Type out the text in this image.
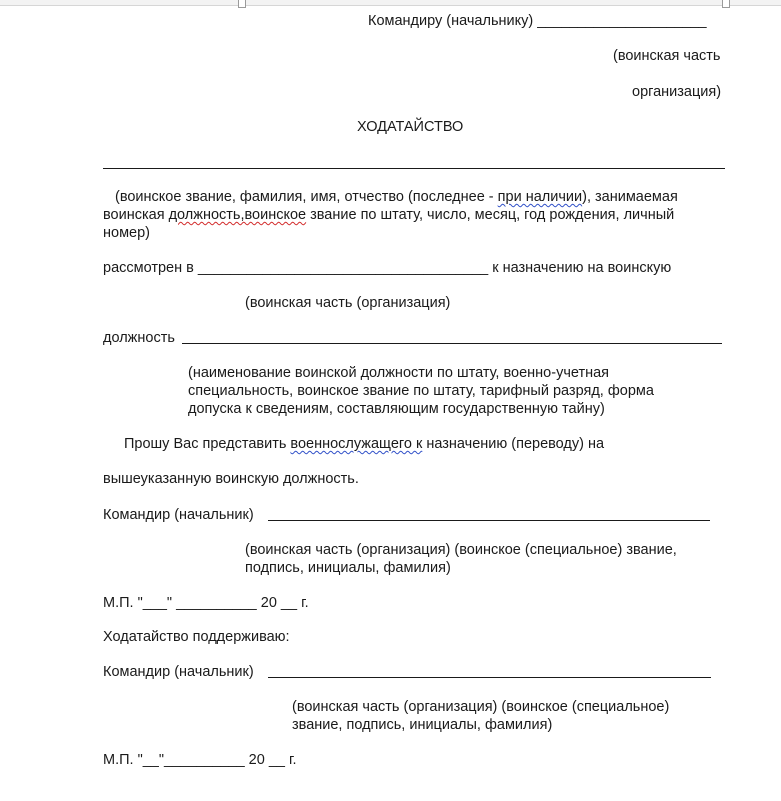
Командиру (начальнику) _____________________
(воинская часть
организация)
ХОДАТАЙСТВО
(воинское звание, фамилия, имя, отчество (последнее - при наличии), занимаемая
воинская должность,воинское звание по штату, число, месяц, год рождения, личный
номер)
рассмотрен в ____________________________________ к назначению на воинскую
(воинская часть (организация)
должность
(наименование воинской должности по штату, военно-учетная специальность, воинское звание по штату, тарифный разряд, форма допуска к сведениям, составляющим государственную тайну)
Прошу Вас представить военнослужащего к назначению (переводу) на
вышеуказанную воинскую должность.
Командир (начальник)
(воинская часть (организация) (воинское (специальное) звание, подпись, инициалы, фамилия)
М.П. "___" __________ 20 __ г.
Ходатайство поддерживаю:
Командир (начальник)
(воинская часть (организация) (воинское (специальное) звание, подпись, инициалы, фамилия)
М.П. "__"__________ 20 __ г.
